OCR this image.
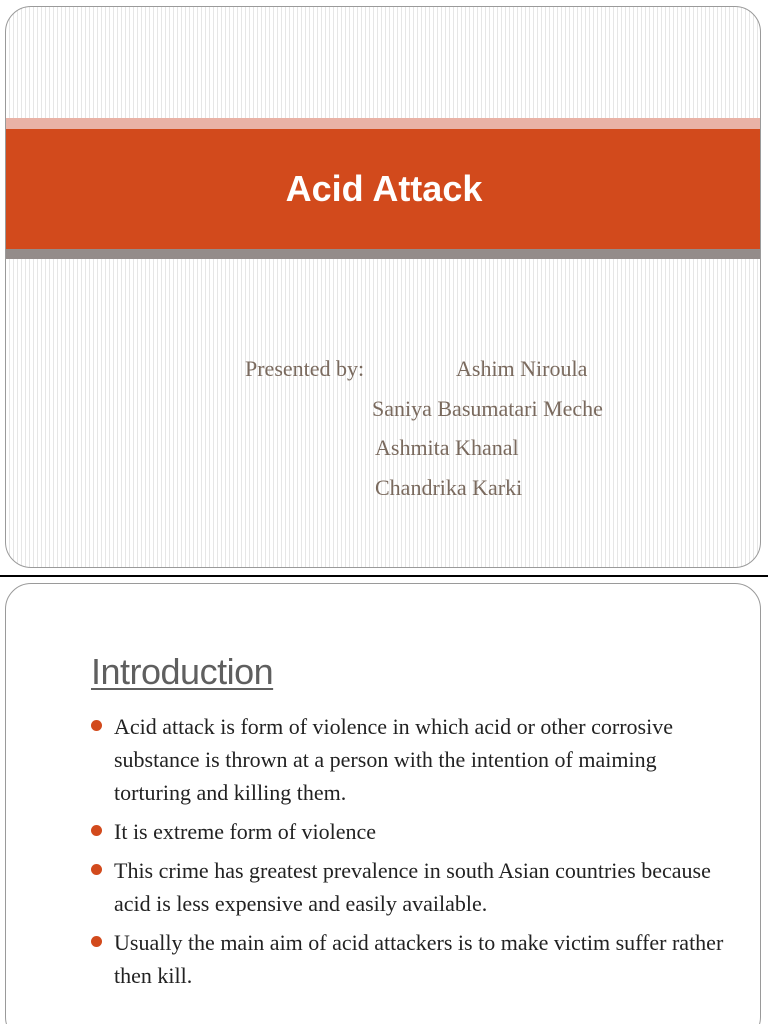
Acid Attack
Presented by:	Ashim Niroula
Saniya Basumatari Meche
Ashmita Khanal
Chandrika Karki
Introduction
Acid attack is form of violence in which acid or other corrosive substance is thrown at a person with the intention of maiming torturing and killing them.
It is extreme form of violence
This crime has greatest prevalence in south Asian countries because acid is less expensive and easily available.
Usually the main aim of acid attackers is to make victim suffer rather then kill.
